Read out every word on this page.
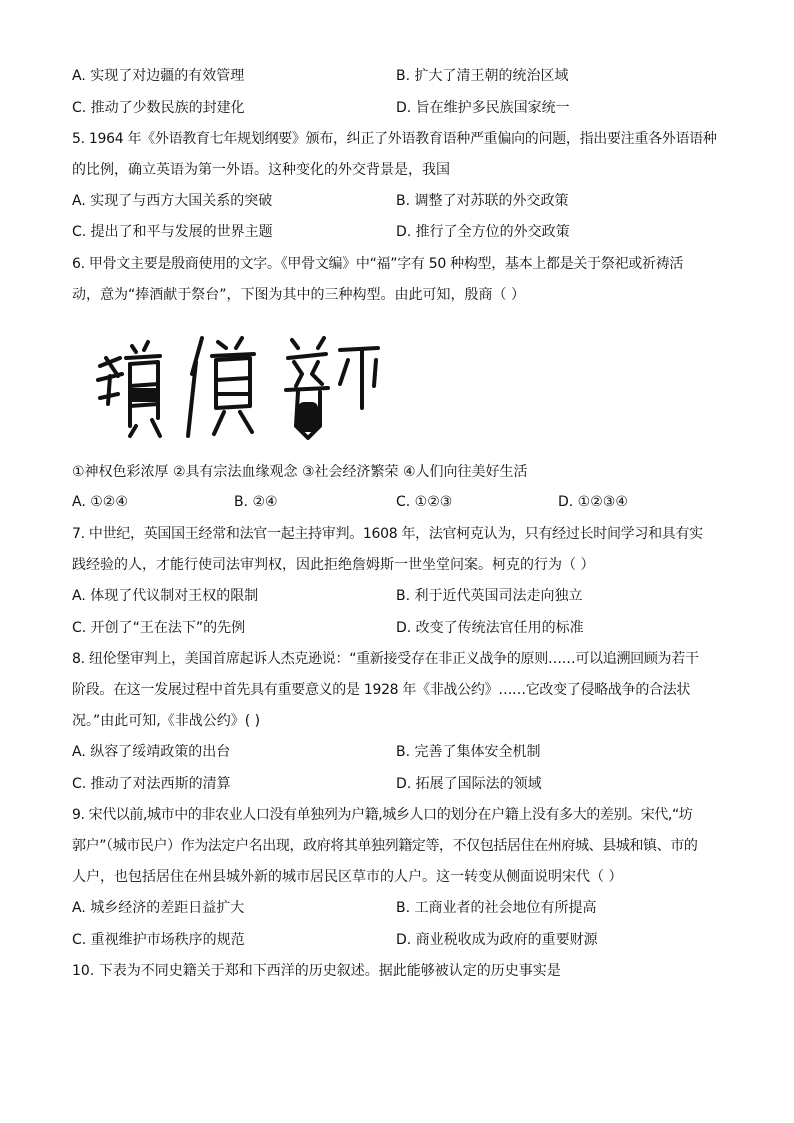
A. 实现了对边疆的有效管理	B. 扩大了清王朝的统治区域
C. 推动了少数民族的封建化	D. 旨在维护多民族国家统一
5. 1964 年《外语教育七年规划纲要》颁布，纠正了外语教育语种严重偏向的问题，指出要注重各外语语种
的比例，确立英语为第一外语。这种变化的外交背景是，我国
A. 实现了与西方大国关系的突破	B. 调整了对苏联的外交政策
C. 提出了和平与发展的世界主题	D. 推行了全方位的外交政策
6. 甲骨文主要是殷商使用的文字。《甲骨文编》中“福”字有 50 种构型，基本上都是关于祭祀或祈祷活
动，意为“捧酒献于祭台”，下图为其中的三种构型。由此可知，殷商（ ）
①神权色彩浓厚 ②具有宗法血缘观念 ③社会经济繁荣 ④人们向往美好生活
A. ①②④	B. ②④	C. ①②③	D. ①②③④
7. 中世纪，英国国王经常和法官一起主持审判。1608 年，法官柯克认为，只有经过长时间学习和具有实
践经验的人，才能行使司法审判权，因此拒绝詹姆斯一世坐堂问案。柯克的行为（ ）
A. 体现了代议制对王权的限制	B. 利于近代英国司法走向独立
C. 开创了“王在法下”的先例	D. 改变了传统法官任用的标准
8. 纽伦堡审判上，美国首席起诉人杰克逊说：“重新接受存在非正义战争的原则……可以追溯回顾为若干
阶段。在这一发展过程中首先具有重要意义的是 1928 年《非战公约》……它改变了侵略战争的合法状
况。”由此可知,《非战公约》( )
A. 纵容了绥靖政策的出台	B. 完善了集体安全机制
C. 推动了对法西斯的清算	D. 拓展了国际法的领域
9. 宋代以前,城市中的非农业人口没有单独列为户籍,城乡人口的划分在户籍上没有多大的差别。宋代,“坊
郭户”（城市民户）作为法定户名出现，政府将其单独列籍定等，不仅包括居住在州府城、县城和镇、市的
人户，也包括居住在州县城外新的城市居民区草市的人户。这一转变从侧面说明宋代（ ）
A. 城乡经济的差距日益扩大	B. 工商业者的社会地位有所提高
C. 重视维护市场秩序的规范	D. 商业税收成为政府的重要财源
10. 下表为不同史籍关于郑和下西洋的历史叙述。据此能够被认定的历史事实是
